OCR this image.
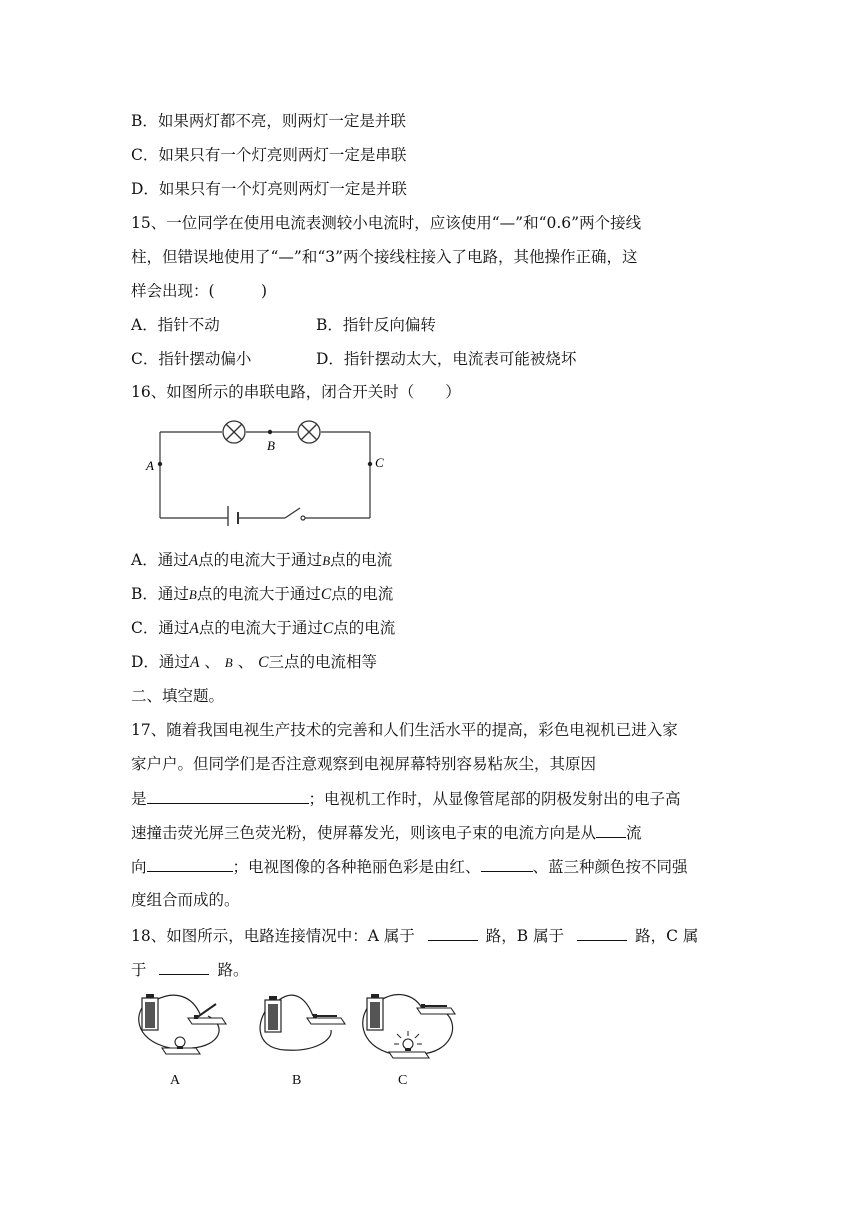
B．如果两灯都不亮，则两灯一定是并联
C．如果只有一个灯亮则两灯一定是串联
D．如果只有一个灯亮则两灯一定是并联
15、一位同学在使用电流表测较小电流时，应该使用“—”和“0.6”两个接线
柱，但错误地使用了“—”和“3”两个接线柱接入了电路，其他操作正确，这
样会出现：(　　　)
A．指针不动	B．指针反向偏转
C．指针摆动偏小	D．指针摆动太大，电流表可能被烧坏
16、如图所示的串联电路，闭合开关时（　　）
A
B
C
A．通过A点的电流大于通过B点的电流
B．通过B点的电流大于通过C点的电流
C．通过A点的电流大于通过C点的电流
D．通过A 、 B 、 C三点的电流相等
二、填空题。
17、随着我国电视生产技术的完善和人们生活水平的提高，彩色电视机已进入家
家户户。但同学们是否注意观察到电视屏幕特别容易粘灰尘，其原因
是	；电视机工作时，从显像管尾部的阴极发射出的电子高
速撞击荧光屏三色荧光粉，使屏幕发光，则该电子束的电流方向是从 流
向	；电视图像的各种艳丽色彩是由红、	、蓝三种颜色按不同强
度组合而成的。
18、如图所示，电路连接情况中：A 属于	路，B 属于	路，C 属
于	路。
A	B	C
